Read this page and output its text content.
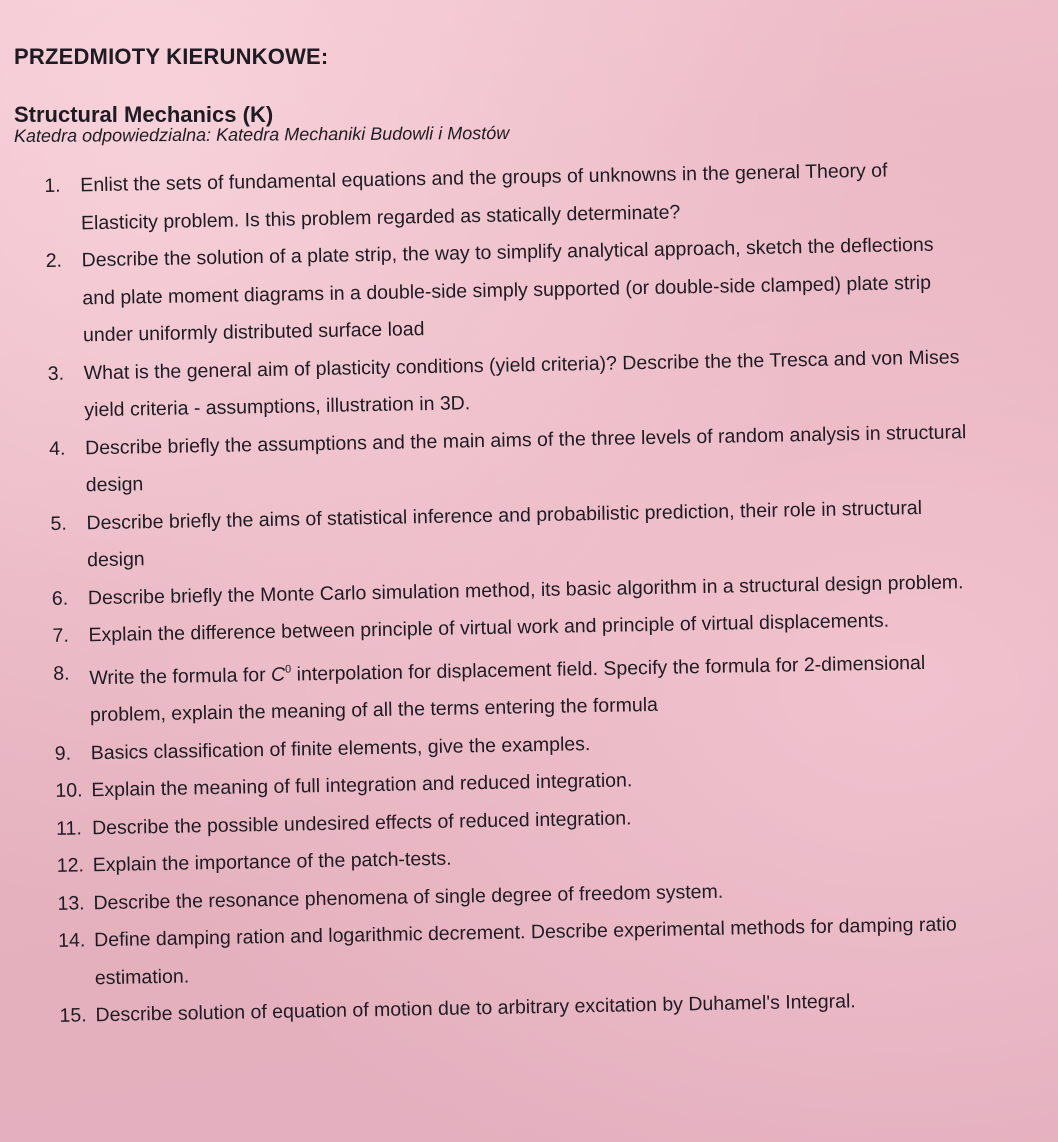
PRZEDMIOTY KIERUNKOWE:
Structural Mechanics (K)
Katedra odpowiedzialna: Katedra Mechaniki Budowli i Mostów
1. Enlist the sets of fundamental equations and the groups of unknowns in the general Theory of Elasticity problem. Is this problem regarded as statically determinate?
2. Describe the solution of a plate strip, the way to simplify analytical approach, sketch the deflections and plate moment diagrams in a double-side simply supported (or double-side clamped) plate strip under uniformly distributed surface load
3. What is the general aim of plasticity conditions (yield criteria)? Describe the the Tresca and von Mises yield criteria - assumptions, illustration in 3D.
4. Describe briefly the assumptions and the main aims of the three levels of random analysis in structural design
5. Describe briefly the aims of statistical inference and probabilistic prediction, their role in structural design
6. Describe briefly the Monte Carlo simulation method, its basic algorithm in a structural design problem.
7. Explain the difference between principle of virtual work and principle of virtual displacements.
8. Write the formula for $C^0$ interpolation for displacement field. Specify the formula for 2-dimensional problem, explain the meaning of all the terms entering the formula
9. Basics classification of finite elements, give the examples.
10. Explain the meaning of full integration and reduced integration.
11. Describe the possible undesired effects of reduced integration.
12. Explain the importance of the patch-tests.
13. Describe the resonance phenomena of single degree of freedom system.
14. Define damping ration and logarithmic decrement. Describe experimental methods for damping ratio estimation.
15. Describe solution of equation of motion due to arbitrary excitation by Duhamel's Integral.
